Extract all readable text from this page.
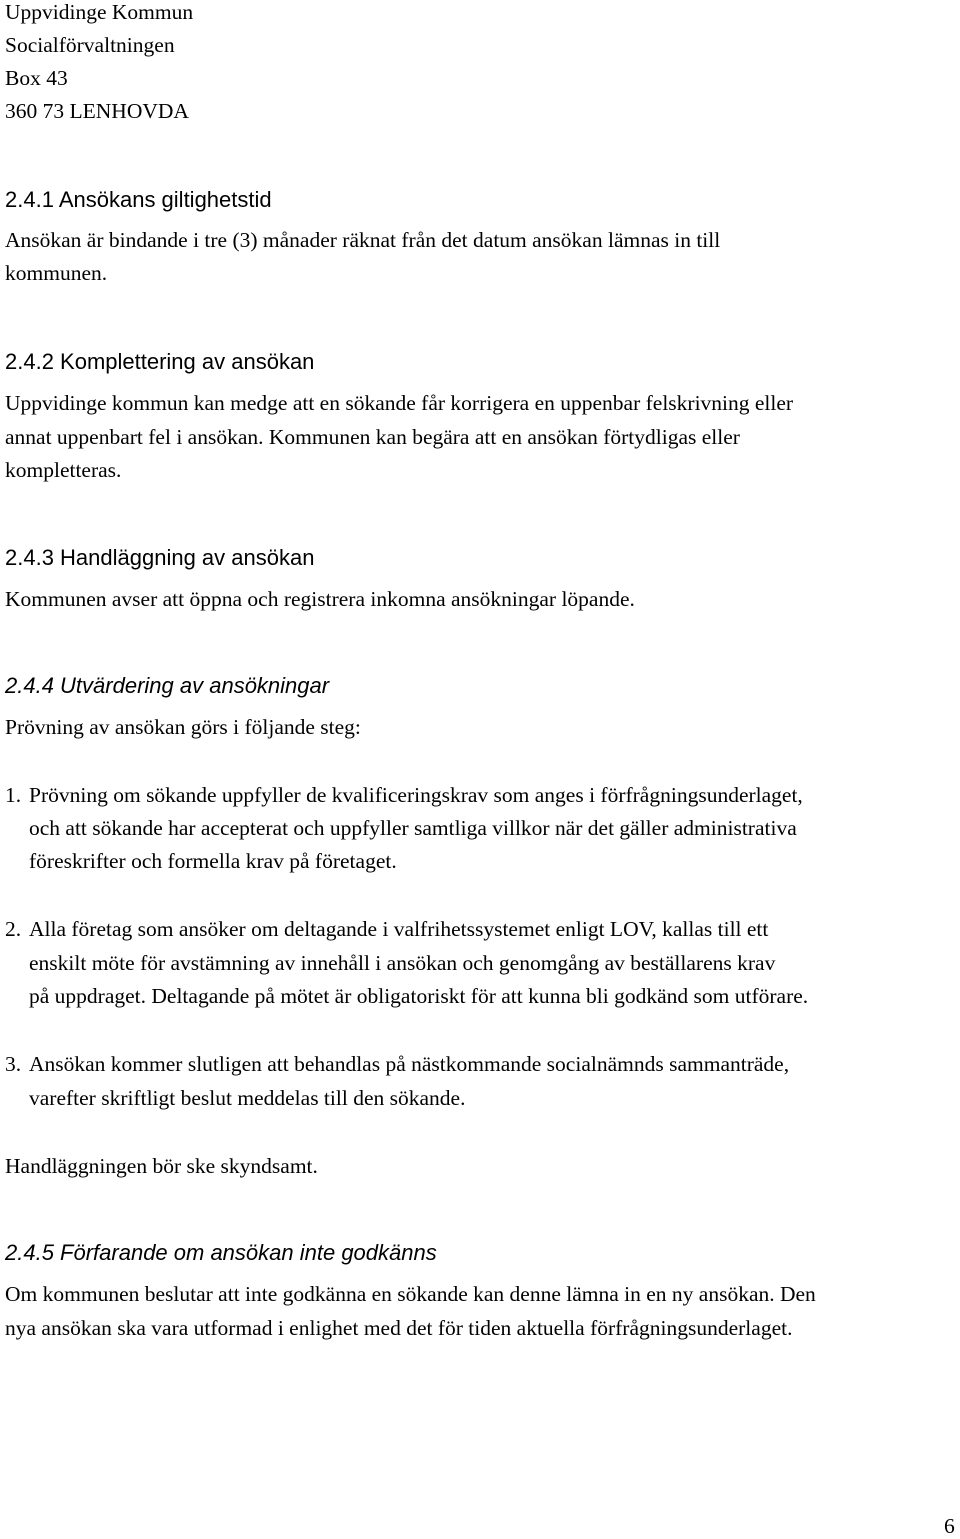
Uppvidinge Kommun
Socialförvaltningen
Box 43
360 73 LENHOVDA
2.4.1 Ansökans giltighetstid
Ansökan är bindande i tre (3) månader räknat från det datum ansökan lämnas in till
kommunen.
2.4.2 Komplettering av ansökan
Uppvidinge kommun kan medge att en sökande får korrigera en uppenbar felskrivning eller
annat uppenbart fel i ansökan. Kommunen kan begära att en ansökan förtydligas eller
kompletteras.
2.4.3 Handläggning av ansökan
Kommunen avser att öppna och registrera inkomna ansökningar löpande.
2.4.4 Utvärdering av ansökningar
Prövning av ansökan görs i följande steg:
1. Prövning om sökande uppfyller de kvalificeringskrav som anges i förfrågningsunderlaget,
och att sökande har accepterat och uppfyller samtliga villkor när det gäller administrativa
föreskrifter och formella krav på företaget.
2. Alla företag som ansöker om deltagande i valfrihetssystemet enligt LOV, kallas till ett
enskilt möte för avstämning av innehåll i ansökan och genomgång av beställarens krav
på uppdraget. Deltagande på mötet är obligatoriskt för att kunna bli godkänd som utförare.
3. Ansökan kommer slutligen att behandlas på nästkommande socialnämnds sammanträde,
varefter skriftligt beslut meddelas till den sökande.
Handläggningen bör ske skyndsamt.
2.4.5 Förfarande om ansökan inte godkänns
Om kommunen beslutar att inte godkänna en sökande kan denne lämna in en ny ansökan. Den
nya ansökan ska vara utformad i enlighet med det för tiden aktuella förfrågningsunderlaget.
6
